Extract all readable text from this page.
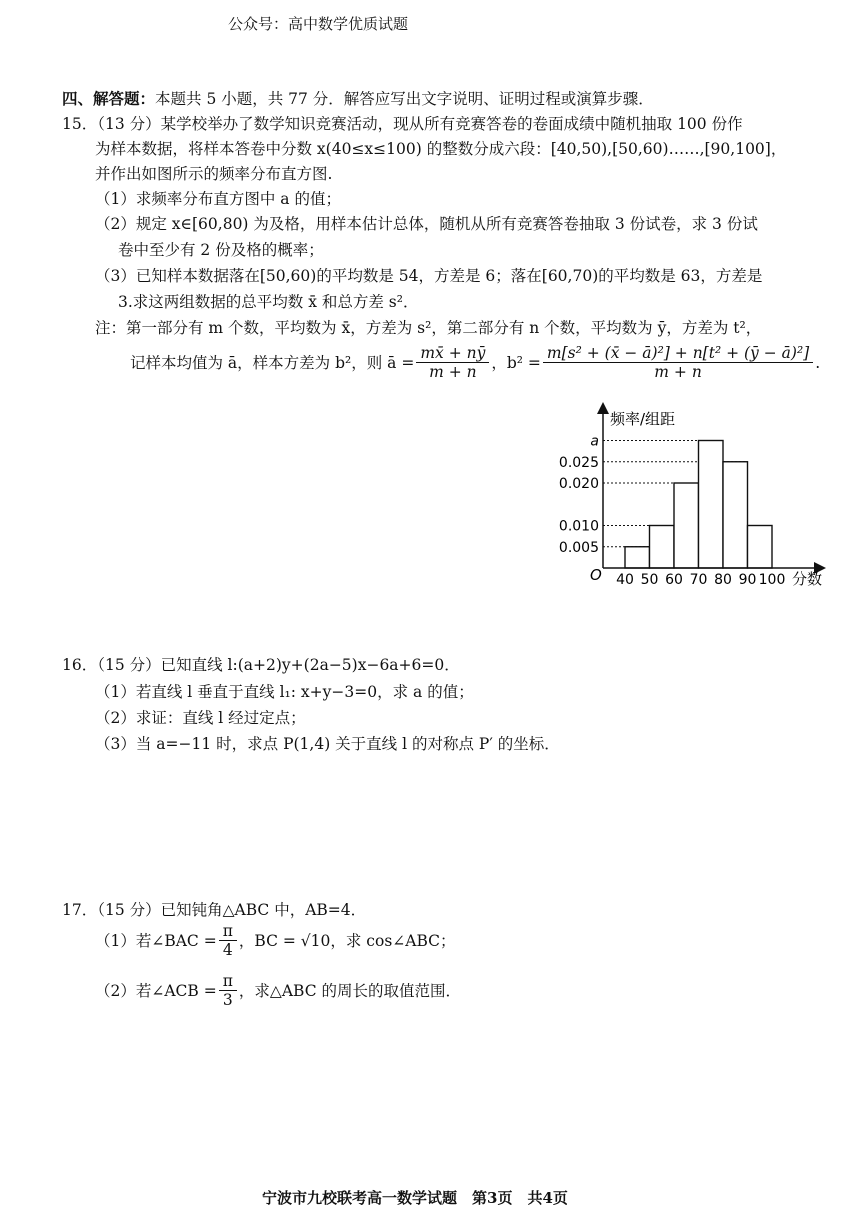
公众号：高中数学优质试题
四、解答题：本题共 5 小题，共 77 分．解答应写出文字说明、证明过程或演算步骤．
15．（13 分）某学校举办了数学知识竞赛活动，现从所有竞赛答卷的卷面成绩中随机抽取 100 份作
为样本数据，将样本答卷中分数 x(40≤x≤100) 的整数分成六段：[40,50),[50,60)……,[90,100]，
并作出如图所示的频率分布直方图.
（1）求频率分布直方图中 a 的值；
（2）规定 x∈[60,80) 为及格，用样本估计总体，随机从所有竞赛答卷抽取 3 份试卷，求 3 份试
卷中至少有 2 份及格的概率；
（3）已知样本数据落在[50,60)的平均数是 54，方差是 6；落在[60,70)的平均数是 63，方差是
3.求这两组数据的总平均数 x̄ 和总方差 s²．
注：第一部分有 m 个数，平均数为 x̄，方差为 s²，第二部分有 n 个数，平均数为 ȳ，方差为 t²，
记样本均值为 ā，样本方差为 b²，则 ā = $\frac{mx̄ + nȳ}{m + n}$ ，$b^2 = \frac{\text{m[s² + (x̄ − ā)²] + n[t² + (ȳ − ā)²]}}{m + n}$ .
频率/组距
分数
O 40 50 60 70 80 90 100
a
0.025
0.020
0.010
0.005
16．（15 分）已知直线 l:(a+2)y+(2a−5)x−6a+6=0．
（1）若直线 l 垂直于直线 l₁: x+y−3=0，求 a 的值；
（2）求证：直线 l 经过定点；
（3）当 a=−11 时，求点 P(1,4) 关于直线 l 的对称点 P′ 的坐标．
17．（15 分）已知钝角△ABC 中，AB=4．
（1）若∠BAC = $\frac{\pi}{4}$ ，BC = √10，求 cos∠ABC；
（2）若∠ACB = $\frac{\pi}{3}$ ，求△ABC 的周长的取值范围．
宁波市九校联考高一数学试题　第3页　共4页
